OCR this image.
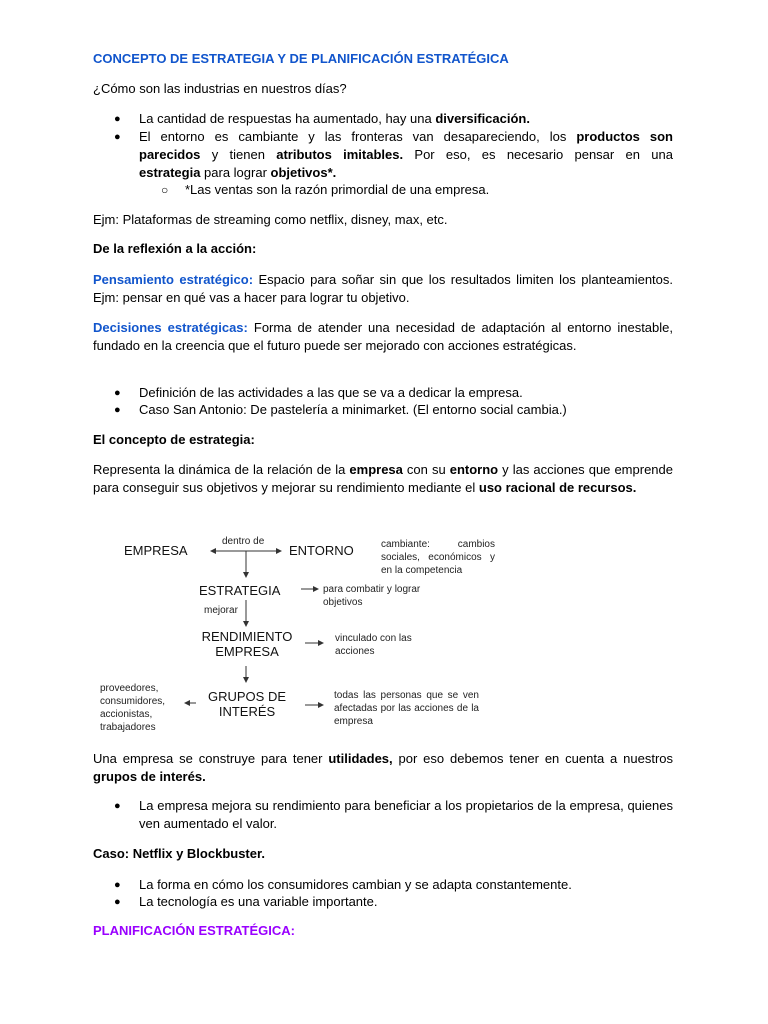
CONCEPTO DE ESTRATEGIA Y DE PLANIFICACIÓN ESTRATÉGICA
¿Cómo son las industrias en nuestros días?
● La cantidad de respuestas ha aumentado, hay una diversificación.
● El entorno es cambiante y las fronteras van desapareciendo, los productos son
parecidos y tienen atributos imitables. Por eso, es necesario pensar en una
estrategia para lograr objetivos*.
○ *Las ventas son la razón primordial de una empresa.
Ejm: Plataformas de streaming como netflix, disney, max, etc.
De la reflexión a la acción:
Pensamiento estratégico: Espacio para soñar sin que los resultados limiten los planteamientos. Ejm: pensar en qué vas a hacer para lograr tu objetivo.
Decisiones estratégicas: Forma de atender una necesidad de adaptación al entorno inestable, fundado en la creencia que el futuro puede ser mejorado con acciones estratégicas.
● Definición de las actividades a las que se va a dedicar la empresa.
● Caso San Antonio: De pastelería a minimarket. (El entorno social cambia.)
El concepto de estrategia:
Representa la dinámica de la relación de la empresa con su entorno y las acciones que emprende para conseguir sus objetivos y mejorar su rendimiento mediante el uso racional de recursos.
EMPRESA
dentro de
ENTORNO	cambiante: cambios sociales, económicos y en la competencia
ESTRATEGIA	para combatir y lograr objetivos
mejorar
RENDIMIENTO
EMPRESA
vinculado con las acciones
GRUPOS DE
INTERÉS
proveedores, consumidores, accionistas, trabajadores
todas las personas que se ven afectadas por las acciones de la empresa
Una empresa se construye para tener utilidades, por eso debemos tener en cuenta a nuestros grupos de interés.
● La empresa mejora su rendimiento para beneficiar a los propietarios de la empresa, quienes ven aumentado el valor.
Caso: Netflix y Blockbuster.
● La forma en cómo los consumidores cambian y se adapta constantemente.
● La tecnología es una variable importante.
PLANIFICACIÓN ESTRATÉGICA:
